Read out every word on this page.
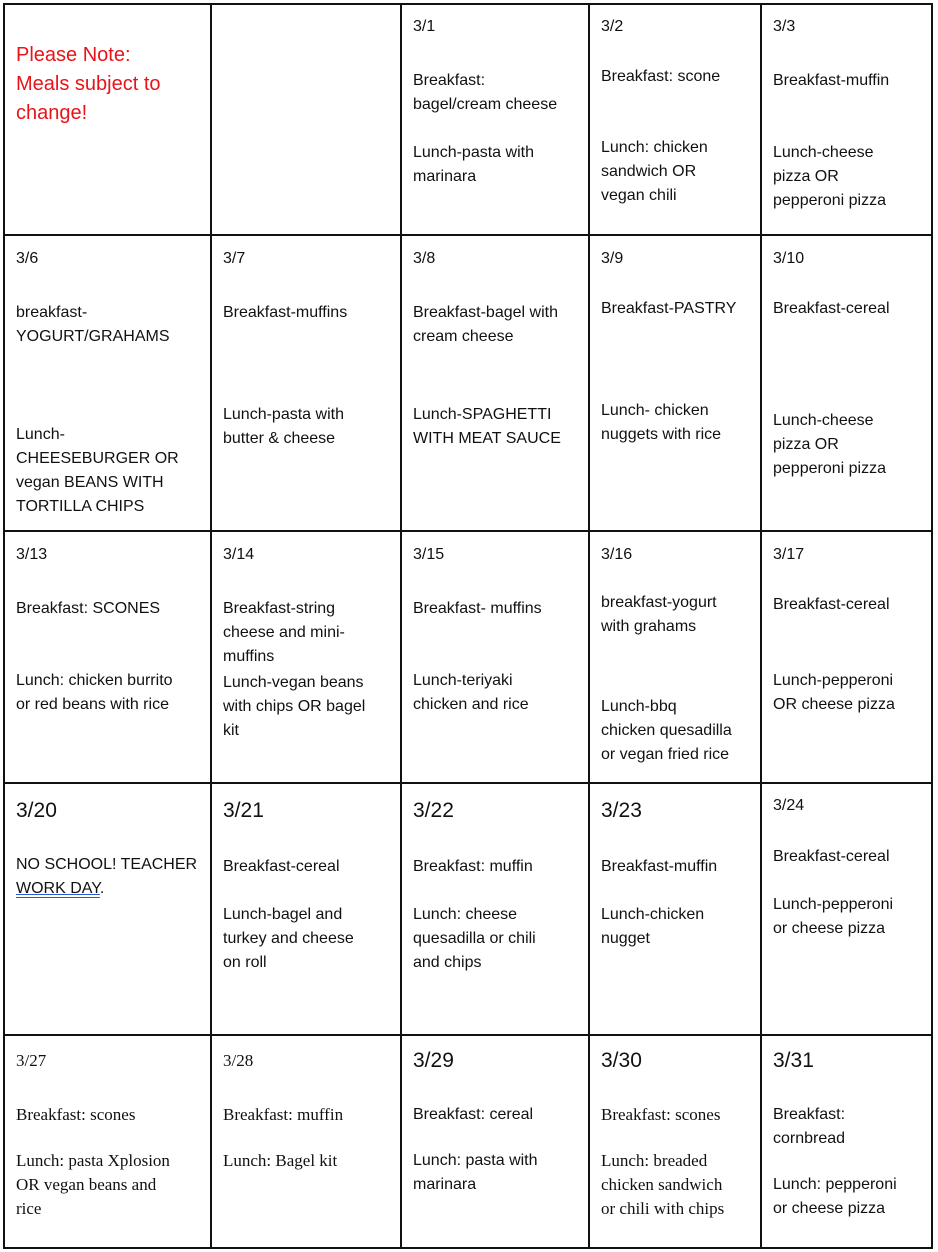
Please Note:
Meals subject to
change!
3/1
Breakfast:
bagel/cream cheese
Lunch-pasta with
marinara
3/2
Breakfast: scone
Lunch: chicken
sandwich OR
vegan chili
3/3
Breakfast-muffin
Lunch-cheese
pizza OR
pepperoni pizza
3/6
breakfast-
YOGURT/GRAHAMS
Lunch-
CHEESEBURGER OR
vegan BEANS WITH
TORTILLA CHIPS
3/7
Breakfast-muffins
Lunch-pasta with
butter & cheese
3/8
Breakfast-bagel with
cream cheese
Lunch-SPAGHETTI
WITH MEAT SAUCE
3/9
Breakfast-PASTRY
Lunch- chicken
nuggets with rice
3/10
Breakfast-cereal
Lunch-cheese
pizza OR
pepperoni pizza
3/13
Breakfast: SCONES
Lunch: chicken burrito
or red beans with rice
3/14
Breakfast-string
cheese and mini-
muffins
Lunch-vegan beans
with chips OR bagel
kit
3/15
Breakfast- muffins
Lunch-teriyaki
chicken and rice
3/16
breakfast-yogurt
with grahams
Lunch-bbq
chicken quesadilla
or vegan fried rice
3/17
Breakfast-cereal
Lunch-pepperoni
OR cheese pizza
3/20
NO SCHOOL! TEACHER
WORK DAY.
3/21
Breakfast-cereal
Lunch-bagel and
turkey and cheese
on roll
3/22
Breakfast: muffin
Lunch: cheese
quesadilla or chili
and chips
3/23
Breakfast-muffin
Lunch-chicken
nugget
3/24
Breakfast-cereal
Lunch-pepperoni
or cheese pizza
3/27
Breakfast: scones
Lunch: pasta Xplosion
OR vegan beans and
rice
3/28
Breakfast: muffin
Lunch: Bagel kit
3/29
Breakfast: cereal
Lunch: pasta with
marinara
3/30
Breakfast: scones
Lunch: breaded
chicken sandwich
or chili with chips
3/31
Breakfast:
cornbread
Lunch: pepperoni
or cheese pizza
